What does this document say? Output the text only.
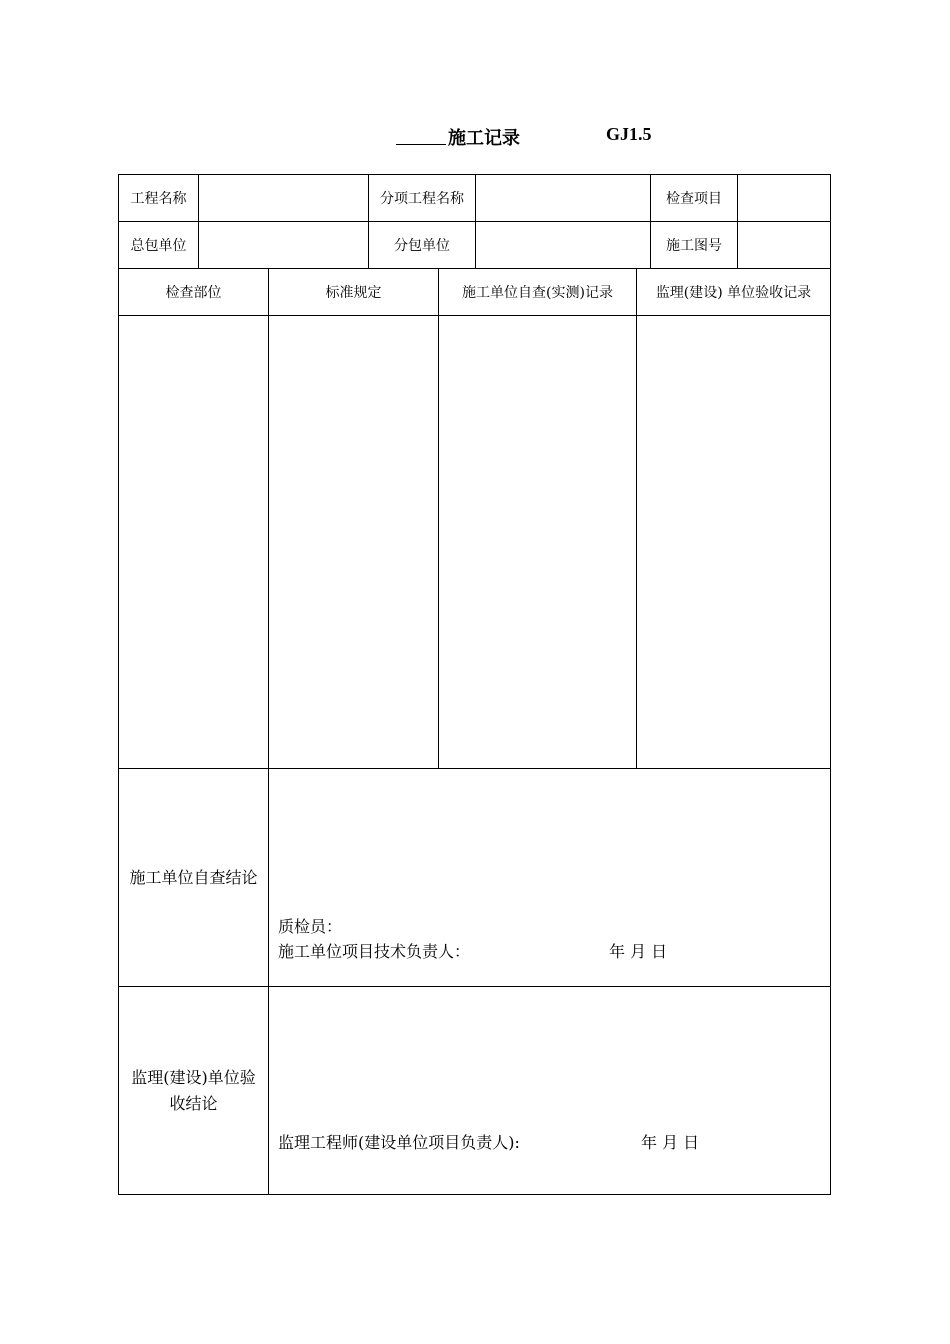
施工记录	GJ1.5
工程名称	分项工程名称	检查项目
总包单位	分包单位	施工图号
检查部位	标准规定	施工单位自查(实测)记录	监理(建设) 单位验收记录
施工单位自查结论
质检员：
施工单位项目技术负责人：	年 月 日
监理(建设)单位验收结论
监理工程师(建设单位项目负责人):	年 月 日
